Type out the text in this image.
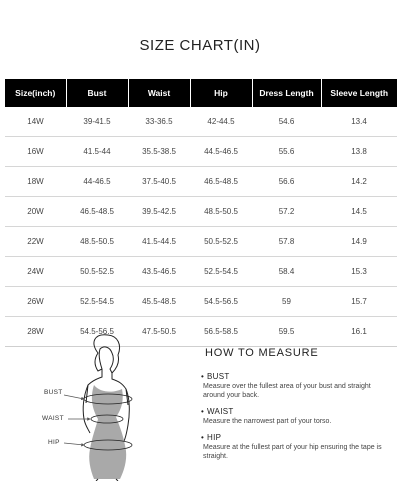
SIZE CHART(IN)
Size(inch)	Bust	Waist	Hip	Dress Length	Sleeve Length
14W	39-41.5	33-36.5	42-44.5	54.6	13.4
16W	41.5-44	35.5-38.5	44.5-46.5	55.6	13.8
18W	44-46.5	37.5-40.5	46.5-48.5	56.6	14.2
20W	46.5-48.5	39.5-42.5	48.5-50.5	57.2	14.5
22W	48.5-50.5	41.5-44.5	50.5-52.5	57.8	14.9
24W	50.5-52.5	43.5-46.5	52.5-54.5	58.4	15.3
26W	52.5-54.5	45.5-48.5	54.5-56.5	59	15.7
28W	54.5-56.5	47.5-50.5	56.5-58.5	59.5	16.1
BUST
WAIST
HIP
HOW TO MEASURE
• BUST
Measure over the fullest area of your bust and straight around your back.
• WAIST
Measure the narrowest part of your torso.
• HIP
Measure at the fullest part of your hip ensuring the tape is straight.
